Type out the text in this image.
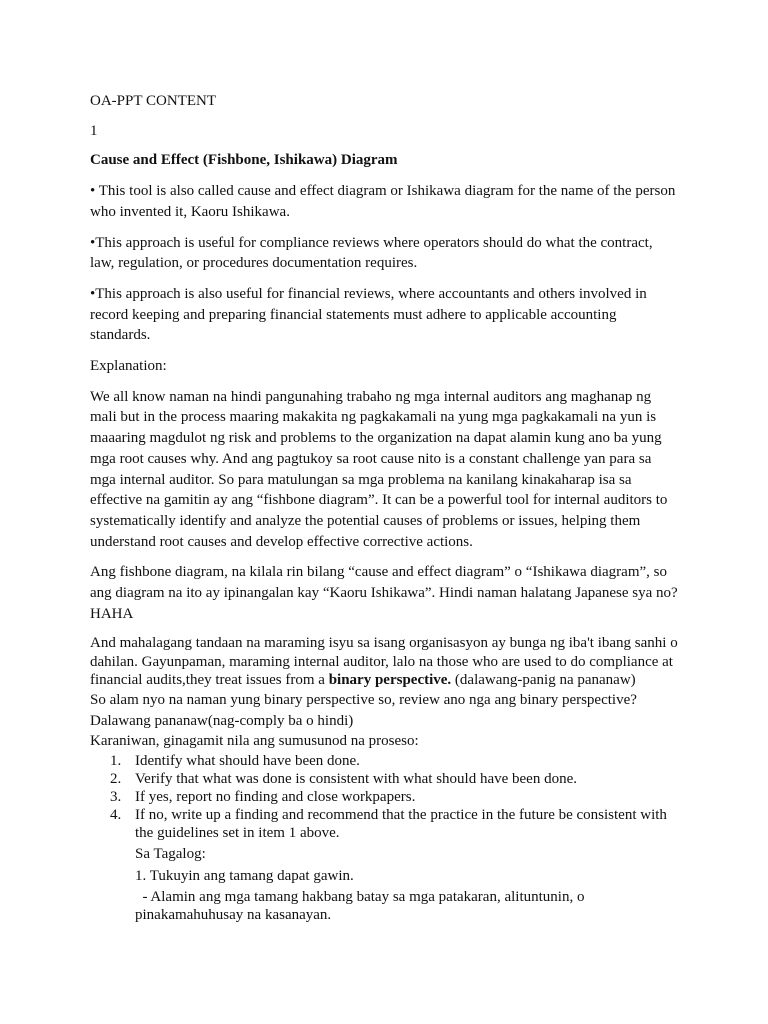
OA-PPT CONTENT

1

Cause and Effect (Fishbone, Ishikawa) Diagram

• This tool is also called cause and effect diagram or Ishikawa diagram for the name of the person who invented it, Kaoru Ishikawa.

•This approach is useful for compliance reviews where operators should do what the contract, law, regulation, or procedures documentation requires.

•This approach is also useful for financial reviews, where accountants and others involved in record keeping and preparing financial statements must adhere to applicable accounting standards.

Explanation:

We all know naman na hindi pangunahing trabaho ng mga internal auditors ang maghanap ng mali but in the process maaring makakita ng pagkakamali na yung mga pagkakamali na yun is maaaring magdulot ng risk and problems to the organization na dapat alamin kung ano ba yung mga root causes why. And ang pagtukoy sa root cause nito is a constant challenge yan para sa mga internal auditor. So para matulungan sa mga problema na kanilang kinakaharap isa sa effective na gamitin ay ang “fishbone diagram”. It can be a powerful tool for internal auditors to systematically identify and analyze the potential causes of problems or issues, helping them understand root causes and develop effective corrective actions.

Ang fishbone diagram, na kilala rin bilang “cause and effect diagram” o “Ishikawa diagram”, so ang diagram na ito ay ipinangalan kay “Kaoru Ishikawa”. Hindi naman halatang Japanese sya no? HAHA

And mahalagang tandaan na maraming isyu sa isang organisasyon ay bunga ng iba't ibang sanhi o dahilan. Gayunpaman, maraming internal auditor, lalo na those who are used to do compliance at financial audits,they treat issues from a binary perspective. (dalawang-panig na pananaw)

So alam nyo na naman yung binary perspective so, review ano nga ang binary perspective?

Dalawang pananaw(nag-comply ba o hindi)

Karaniwan, ginagamit nila ang sumusunod na proseso:

1. Identify what should have been done.
2. Verify that what was done is consistent with what should have been done.
3. If yes, report no finding and close workpapers.
4. If no, write up a finding and recommend that the practice in the future be consistent with the guidelines set in item 1 above.

Sa Tagalog:

1. Tukuyin ang tamang dapat gawin.

- Alamin ang mga tamang hakbang batay sa mga patakaran, alituntunin, o pinakamahuhusay na kasanayan.
